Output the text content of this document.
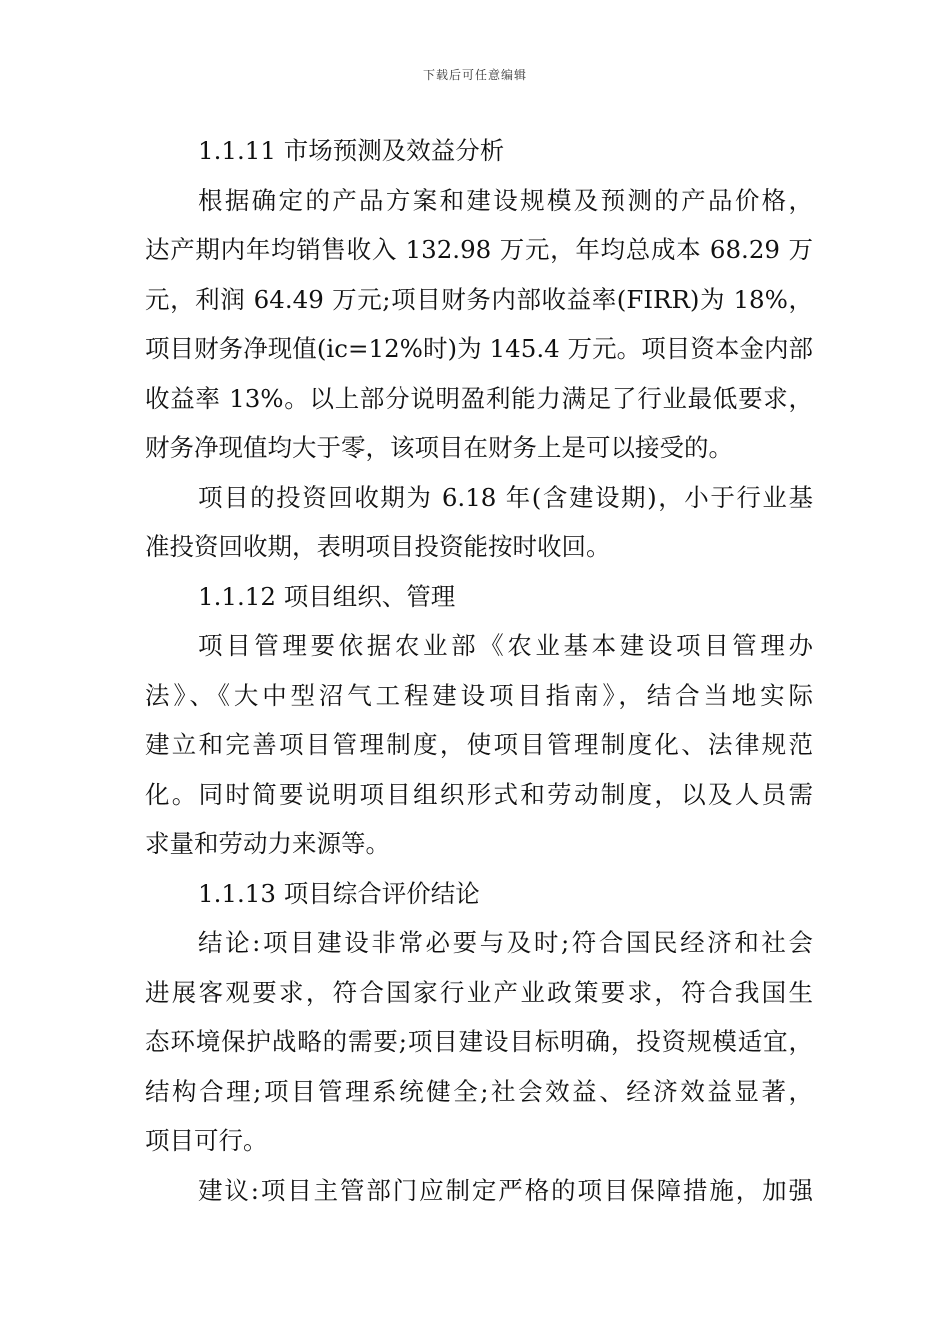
下载后可任意编辑
1.1.11 市场预测及效益分析
根据确定的产品方案和建设规模及预测的产品价格，
达产期内年均销售收入 132.98 万元，年均总成本 68.29 万
元，利润 64.49 万元;项目财务内部收益率(FIRR)为 18%，
项目财务净现值(ic=12%时)为 145.4 万元。项目资本金内部
收益率 13%。以上部分说明盈利能力满足了行业最低要求，
财务净现值均大于零，该项目在财务上是可以接受的。
项目的投资回收期为 6.18 年(含建设期)，小于行业基
准投资回收期，表明项目投资能按时收回。
1.1.12 项目组织、管理
项目管理要依据农业部《农业基本建设项目管理办
法》、《大中型沼气工程建设项目指南》，结合当地实际
建立和完善项目管理制度，使项目管理制度化、法律规范
化。同时简要说明项目组织形式和劳动制度，以及人员需
求量和劳动力来源等。
1.1.13 项目综合评价结论
结论:项目建设非常必要与及时;符合国民经济和社会
进展客观要求，符合国家行业产业政策要求，符合我国生
态环境保护战略的需要;项目建设目标明确，投资规模适宜，
结构合理;项目管理系统健全;社会效益、经济效益显著，
项目可行。
建议:项目主管部门应制定严格的项目保障措施，加强
